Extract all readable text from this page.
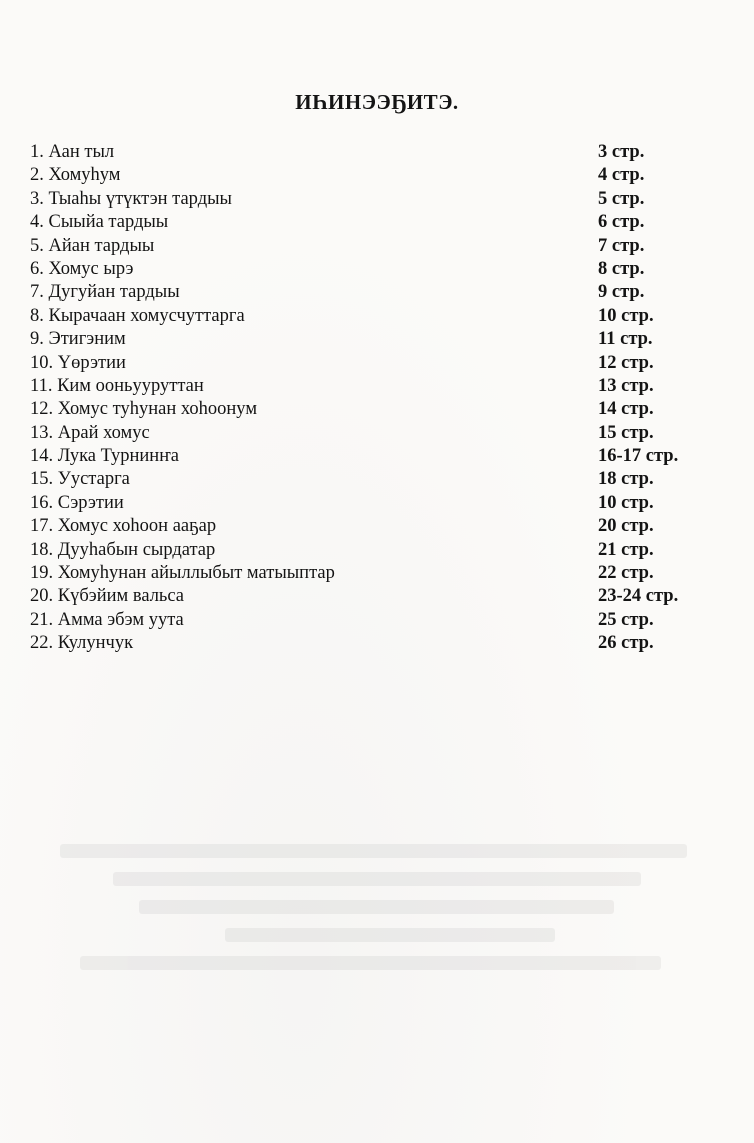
ИҺИНЭЭҔИТЭ.
1. Аан тыл	3 стр.
2. Хомуһум	4 стр.
3. Тыаһы үтүктэн тардыы	5 стр.
4. Сыыйа тардыы	6 стр.
5. Айан тардыы	7 стр.
6. Хомус ырэ	8 стр.
7. Дугуйан тардыы	9 стр.
8. Кырачаан хомусчуттарга	10 стр.
9. Этигэним	11 стр.
10. Үөрэтии	12 стр.
11. Ким ооньууруттан	13 стр.
12. Хомус туһунан хоһоонум	14 стр.
13. Арай хомус	15 стр.
14. Лука Турнинҥа	16-17 стр.
15. Уустарга	18 стр.
16. Сэрэтии	10 стр.
17. Хомус хоһоон ааҕар	20 стр.
18. Дууһабын сырдатар	21 стр.
19. Хомуһунан айыллыбыт матыыптар	22 стр.
20. Күбэйим вальса	23-24 стр.
21. Амма эбэм уута	25 стр.
22. Кулунчук	26 стр.
